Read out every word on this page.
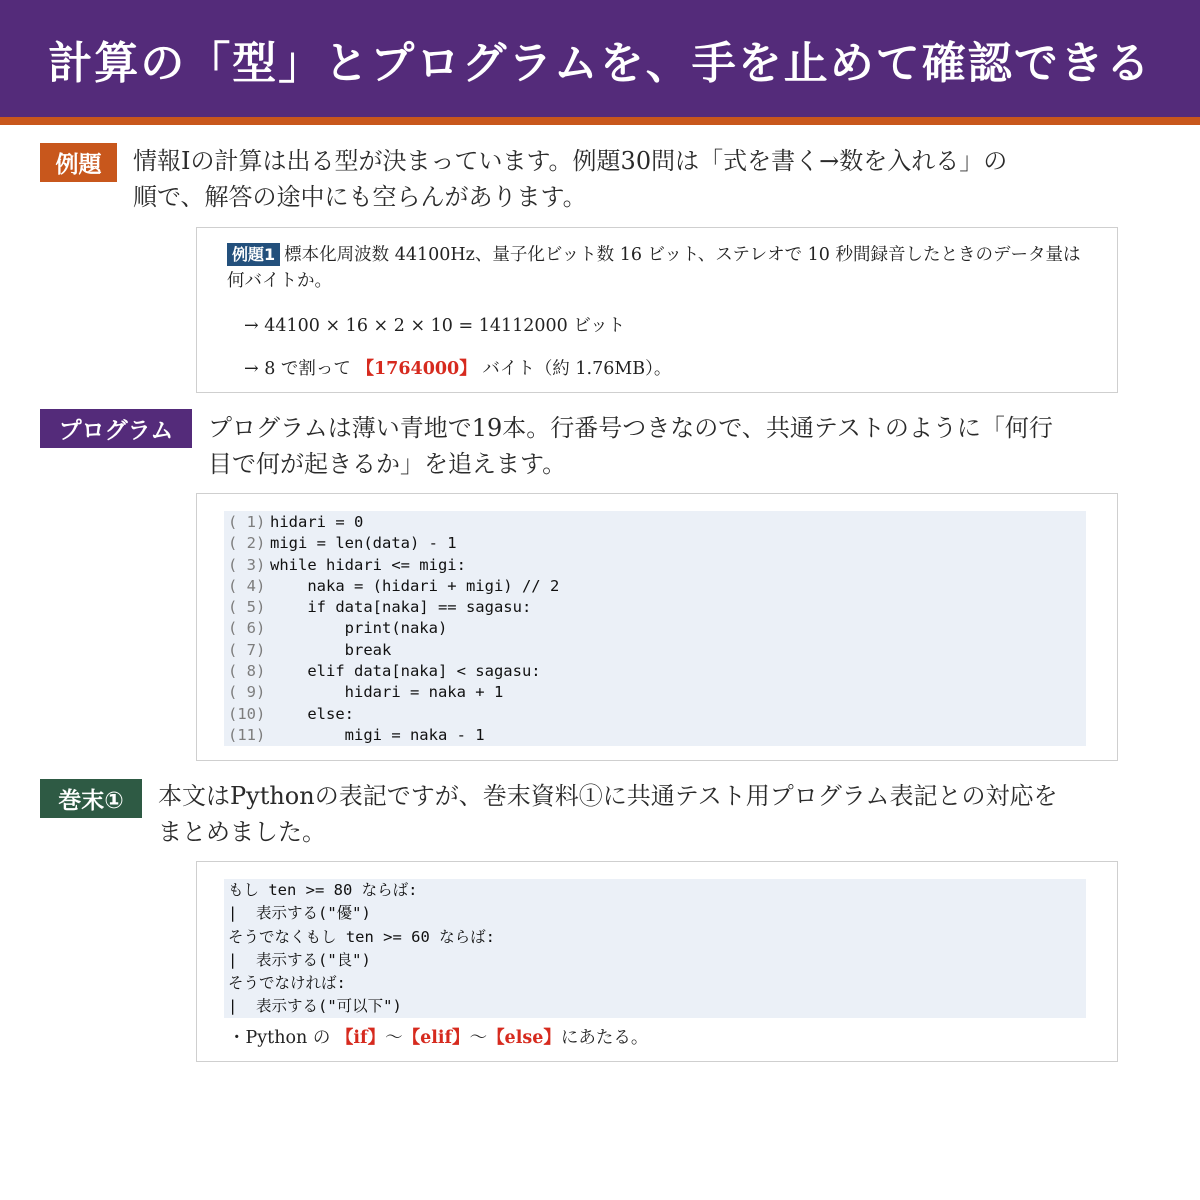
計算の「型」とプログラムを、手を止めて確認できる
例題	情報Ⅰの計算は出る型が決まっています。例題30問は「式を書く→数を入れる」の
順で、解答の途中にも空らんがあります。
例題1 標本化周波数 44100Hz、量子化ビット数 16 ビット、ステレオで 10 秒間録音したときのデータ量は何バイトか。
→ 44100 × 16 × 2 × 10 = 14112000 ビット
→ 8 で割って 【1764000】 バイト（約 1.76MB）。
プログラム	プログラムは薄い青地で19本。行番号つきなので、共通テストのように「何行
目で何が起きるか」を追えます。
( 1) hidari = 0
( 2) migi = len(data) - 1
( 3) while hidari <= migi:
( 4) naka = (hidari + migi) // 2
( 5) if data[naka] == sagasu:
( 6) print(naka)
( 7) break
( 8) elif data[naka] < sagasu:
( 9) hidari = naka + 1
(10) else:
(11) migi = naka - 1
巻末①	本文はPythonの表記ですが、巻末資料①に共通テスト用プログラム表記との対応を
まとめました。
もし ten >= 80 ならば:
|  表示する("優")
そうでなくもし ten >= 60 ならば:
|  表示する("良")
そうでなければ:
|  表示する("可以下")
・Python の 【if】〜【elif】〜【else】にあたる。
